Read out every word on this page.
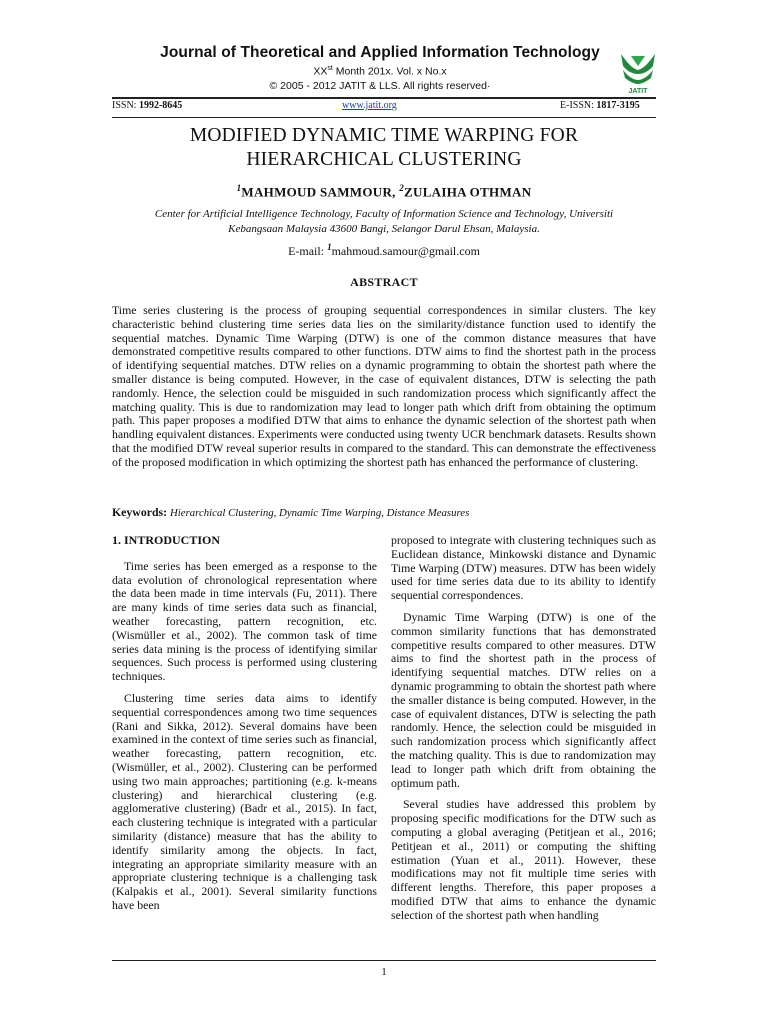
Journal of Theoretical and Applied Information Technology
XXst Month 201x. Vol. x No.x
© 2005 - 2012 JATIT & LLS. All rights reserved·	JATIT
ISSN: 1992-8645	www.jatit.org	E-ISSN: 1817-3195
MODIFIED DYNAMIC TIME WARPING FOR
HIERARCHICAL CLUSTERING
$^1$MAHMOUD SAMMOUR, $^2$ZULAIHA OTHMAN
Center for Artificial Intelligence Technology, Faculty of Information Science and Technology, Universiti
Kebangsaan Malaysia 43600 Bangi, Selangor Darul Ehsan, Malaysia.
E-mail: $^1$mahmoud.samour@gmail.com
ABSTRACT
Time series clustering is the process of grouping sequential correspondences in similar clusters. The key characteristic behind clustering time series data lies on the similarity/distance function used to identify the sequential matches. Dynamic Time Warping (DTW) is one of the common distance measures that have demonstrated competitive results compared to other functions. DTW aims to find the shortest path in the process of identifying sequential matches. DTW relies on a dynamic programming to obtain the shortest path where the smaller distance is being computed. However, in the case of equivalent distances, DTW is selecting the path randomly. Hence, the selection could be misguided in such randomization process which significantly affect the matching quality. This is due to randomization may lead to longer path which drift from obtaining the optimum path. This paper proposes a modified DTW that aims to enhance the dynamic selection of the shortest path when handling equivalent distances. Experiments were conducted using twenty UCR benchmark datasets. Results shown that the modified DTW reveal superior results in compared to the standard. This can demonstrate the effectiveness of the proposed modification in which optimizing the shortest path has enhanced the performance of clustering.
Keywords: Hierarchical Clustering, Dynamic Time Warping, Distance Measures
1. INTRODUCTION

Time series has been emerged as a response to the data evolution of chronological representation where the data been made in time intervals (Fu, 2011). There are many kinds of time series data such as financial, weather forecasting, pattern recognition, etc. (Wismüller et al., 2002). The common task of time series data mining is the process of identifying similar sequences. Such process is performed using clustering techniques.

Clustering time series data aims to identify sequential correspondences among two time sequences (Rani and Sikka, 2012). Several domains have been examined in the context of time series such as financial, weather forecasting, pattern recognition, etc. (Wismüller, et al., 2002). Clustering can be performed using two main approaches; partitioning (e.g. k-means clustering) and hierarchical clustering (e.g. agglomerative clustering) (Badr et al., 2015). In fact, each clustering technique is integrated with a particular similarity (distance) measure that has the ability to identify similarity among the objects. In fact, integrating an appropriate similarity measure with an appropriate clustering technique is a challenging task (Kalpakis et al., 2001). Several similarity functions have been

proposed to integrate with clustering techniques such as Euclidean distance, Minkowski distance and Dynamic Time Warping (DTW) measures. DTW has been widely used for time series data due to its ability to identify sequential correspondences.

Dynamic Time Warping (DTW) is one of the common similarity functions that has demonstrated competitive results compared to other measures. DTW aims to find the shortest path in the process of identifying sequential matches. DTW relies on a dynamic programming to obtain the shortest path where the smaller distance is being computed. However, in the case of equivalent distances, DTW is selecting the path randomly. Hence, the selection could be misguided in such randomization process which significantly affect the matching quality. This is due to randomization may lead to longer path which drift from obtaining the optimum path.

Several studies have addressed this problem by proposing specific modifications for the DTW such as computing a global averaging (Petitjean et al., 2016; Petitjean et al., 2011) or computing the shifting estimation (Yuan et al., 2011). However, these modifications may not fit multiple time series with different lengths. Therefore, this paper proposes a modified DTW that aims to enhance the dynamic selection of the shortest path when handling

1
